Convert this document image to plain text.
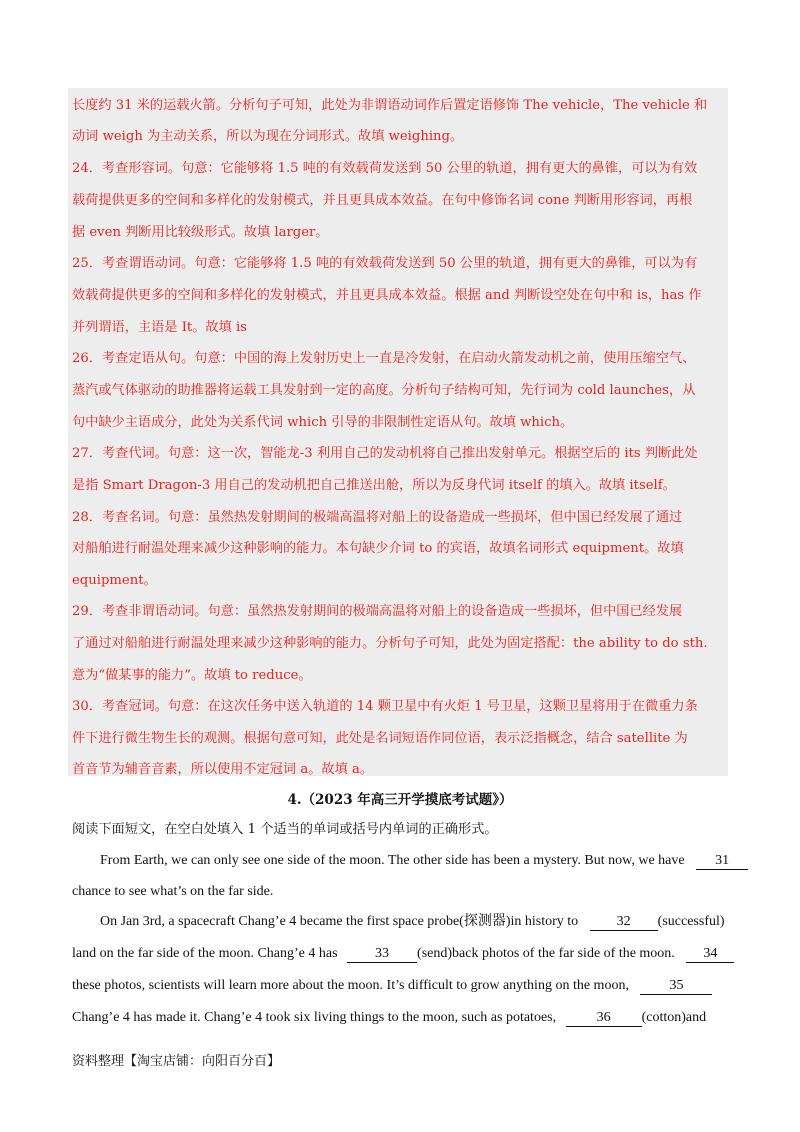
长度约 31 米的运载火箭。分析句子可知，此处为非谓语动词作后置定语修饰 The vehicle，The vehicle 和
动词 weigh 为主动关系，所以为现在分词形式。故填 weighing。
24．考查形容词。句意：它能够将 1.5 吨的有效载荷发送到 50 公里的轨道，拥有更大的鼻锥，可以为有效
载荷提供更多的空间和多样化的发射模式，并且更具成本效益。在句中修饰名词 cone 判断用形容词，再根
据 even 判断用比较级形式。故填 larger。
25．考查谓语动词。句意：它能够将 1.5 吨的有效载荷发送到 50 公里的轨道，拥有更大的鼻锥，可以为有
效载荷提供更多的空间和多样化的发射模式，并且更具成本效益。根据 and 判断设空处在句中和 is，has 作
并列谓语，主语是 It。故填 is
26．考查定语从句。句意：中国的海上发射历史上一直是冷发射，在启动火箭发动机之前，使用压缩空气、
蒸汽或气体驱动的助推器将运载工具发射到一定的高度。分析句子结构可知，先行词为 cold launches，从
句中缺少主语成分，此处为关系代词 which 引导的非限制性定语从句。故填 which。
27．考查代词。句意：这一次，智能龙-3 利用自己的发动机将自己推出发射单元。根据空后的 its 判断此处
是指 Smart Dragon-3 用自己的发动机把自己推送出舱，所以为反身代词 itself 的填入。故填 itself。
28．考查名词。句意：虽然热发射期间的极端高温将对船上的设备造成一些损坏，但中国已经发展了通过
对船舶进行耐温处理来减少这种影响的能力。本句缺少介词 to 的宾语，故填名词形式 equipment。故填
equipment。
29．考查非谓语动词。句意：虽然热发射期间的极端高温将对船上的设备造成一些损坏，但中国已经发展
了通过对船舶进行耐温处理来减少这种影响的能力。分析句子可知，此处为固定搭配：the ability to do sth.
意为“做某事的能力”。故填 to reduce。
30．考查冠词。句意：在这次任务中送入轨道的 14 颗卫星中有火炬 1 号卫星，这颗卫星将用于在微重力条
件下进行微生物生长的观测。根据句意可知，此处是名词短语作同位语，表示泛指概念，结合 satellite 为
首音节为辅音音素，所以使用不定冠词 a。故填 a。
4.（2023 年高三开学摸底考试题》）
阅读下面短文，在空白处填入 1 个适当的单词或括号内单词的正确形式。
From Earth, we can only see one side of the moon. The other side has been a mystery. But now, we have 31
chance to see what’s on the far side.
On Jan 3rd, a spacecraft Chang’e 4 became the first space probe(探测器)in history to	32 (successful)
land on the far side of the moon. Chang’e 4 has	33 (send)back photos of the far side of the moon. 34
these photos, scientists will learn more about the moon. It’s difficult to grow anything on the moon,	35
Chang’e 4 has made it. Chang’e 4 took six living things to the moon, such as potatoes,	36 (cotton)and
资料整理【淘宝店铺：向阳百分百】
